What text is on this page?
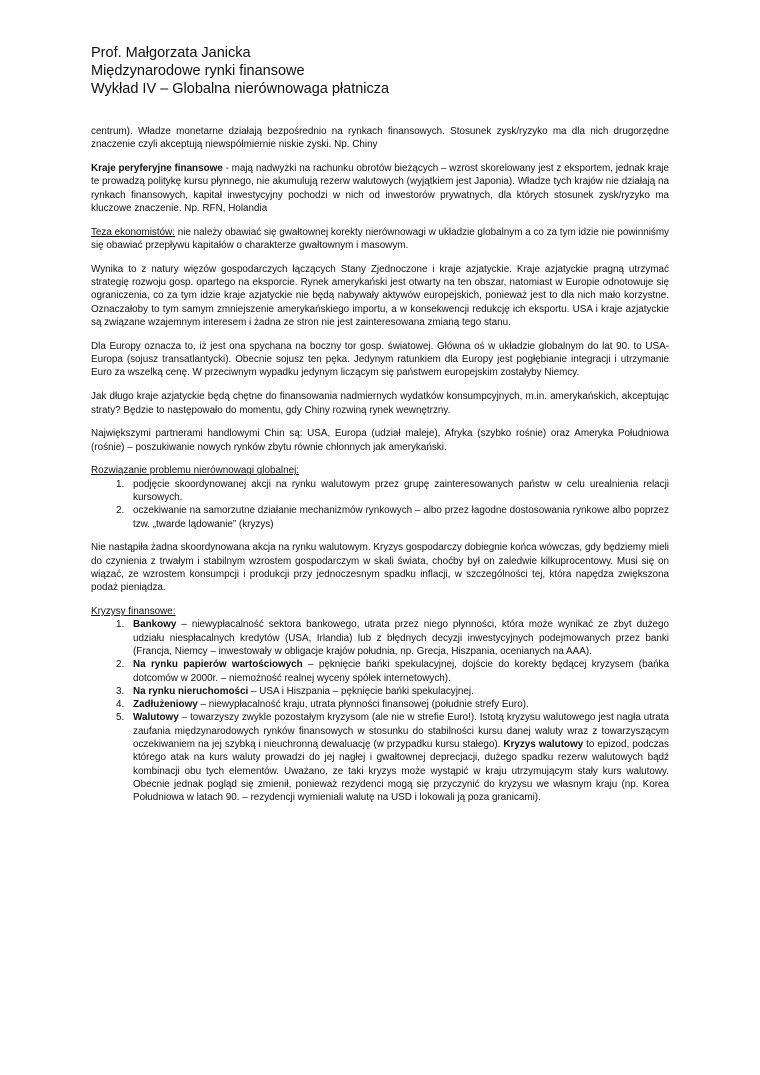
Prof. Małgorzata Janicka
Międzynarodowe rynki finansowe
Wykład IV – Globalna nierównowaga płatnicza

centrum). Władze monetarne działają bezpośrednio na rynkach finansowych. Stosunek zysk/ryzyko ma dla nich drugorzędne znaczenie czyli akceptują niewspółmiernie niskie zyski. Np. Chiny

Kraje peryferyjne finansowe - mają nadwyżki na rachunku obrotów bieżących – wzrost skorelowany jest z eksportem, jednak kraje te prowadzą politykę kursu płynnego, nie akumulują rezerw walutowych (wyjątkiem jest Japonia). Władze tych krajów nie działają na rynkach finansowych, kapitał inwestycyjny pochodzi w nich od inwestorów prywatnych, dla których stosunek zysk/ryzyko ma kluczowe znaczenie. Np. RFN, Holandia

Teza ekonomistów: nie należy obawiać się gwałtownej korekty nierównowagi w układzie globalnym a co za tym idzie nie powinniśmy się obawiać przepływu kapitałów o charakterze gwałtownym i masowym.

Wynika to z natury więzów gospodarczych łączących Stany Zjednoczone i kraje azjatyckie. Kraje azjatyckie pragną utrzymać strategię rozwoju gosp. opartego na eksporcie. Rynek amerykański jest otwarty na ten obszar, natomiast w Europie odnotowuje się ograniczenia, co za tym idzie kraje azjatyckie nie będą nabywały aktywów europejskich, ponieważ jest to dla nich mało korzystne. Oznaczałoby to tym samym zmniejszenie amerykańskiego importu, a w konsekwencji redukcję ich eksportu. USA i kraje azjatyckie są związane wzajemnym interesem i żadna ze stron nie jest zainteresowana zmianą tego stanu.

Dla Europy oznacza to, iż jest ona spychana na boczny tor gosp. światowej. Główna oś w układzie globalnym do lat 90. to USA-Europa (sojusz transatlantycki). Obecnie sojusz ten pęka. Jedynym ratunkiem dla Europy jest pogłębianie integracji i utrzymanie Euro za wszelką cenę. W przeciwnym wypadku jedynym liczącym się państwem europejskim zostałyby Niemcy.

Jak długo kraje azjatyckie będą chętne do finansowania nadmiernych wydatków konsumpcyjnych, m.in. amerykańskich, akceptując straty? Będzie to następowało do momentu, gdy Chiny rozwiną rynek wewnętrzny.

Największymi partnerami handlowymi Chin są: USA, Europa (udział maleje), Afryka (szybko rośnie) oraz Ameryka Południowa (rośnie) – poszukiwanie nowych rynków zbytu równie chłonnych jak amerykański.

Rozwiązanie problemu nierównowagi globalnej:
1. podjęcie skoordynowanej akcji na rynku walutowym przez grupę zainteresowanych państw w celu urealnienia relacji kursowych.
2. oczekiwanie na samorzutne działanie mechanizmów rynkowych – albo przez łagodne dostosowania rynkowe albo poprzez tzw. „twarde lądowanie” (kryzys)

Nie nastąpiła żadna skoordynowana akcja na rynku walutowym. Kryzys gospodarczy dobiegnie końca wówczas, gdy będziemy mieli do czynienia z trwałym i stabilnym wzrostem gospodarczym w skali świata, choćby był on zaledwie kilkuprocentowy. Musi się on wiązać, ze wzrostem konsumpcji i produkcji przy jednoczesnym spadku inflacji, w szczególności tej, która napędza zwiększona podaż pieniądza.

Kryzysy finansowe:
1. Bankowy – niewypłacalność sektora bankowego, utrata przez niego płynności, która może wynikać ze zbyt dużego udziału niespłacalnych kredytów (USA, Irlandia) lub z błędnych decyzji inwestycyjnych podejmowanych przez banki (Francja, Niemcy – inwestowały w obligacje krajów południa, np. Grecja, Hiszpania, ocenianych na AAA).
2. Na rynku papierów wartościowych – pęknięcie bańki spekulacyjnej, dojście do korekty będącej kryzysem (bańka dotcomów w 2000r. – niemożność realnej wyceny spółek internetowych).
3. Na rynku nieruchomości – USA i Hiszpania – pęknięcie bańki spekulacyjnej.
4. Zadłużeniowy – niewypłacalność kraju, utrata płynności finansowej (południe strefy Euro).
5. Walutowy – towarzyszy zwykle pozostałym kryzysom (ale nie w strefie Euro!). Istotą kryzysu walutowego jest nagła utrata zaufania międzynarodowych rynków finansowych w stosunku do stabilności kursu danej waluty wraz z towarzyszącym oczekiwaniem na jej szybką i nieuchronną dewaluację (w przypadku kursu stałego). Kryzys walutowy to epizod, podczas którego atak na kurs waluty prowadzi do jej nagłej i gwałtownej deprecjacji, dużego spadku rezerw walutowych bądź kombinacji obu tych elementów. Uważano, ze taki kryzys może wystąpić w kraju utrzymującym stały kurs walutowy. Obecnie jednak pogląd się zmienił, ponieważ rezydenci mogą się przyczynić do kryzysu we własnym kraju (np. Korea Południowa w latach 90. – rezydencji wymieniali walutę na USD i lokowali ją poza granicami).
